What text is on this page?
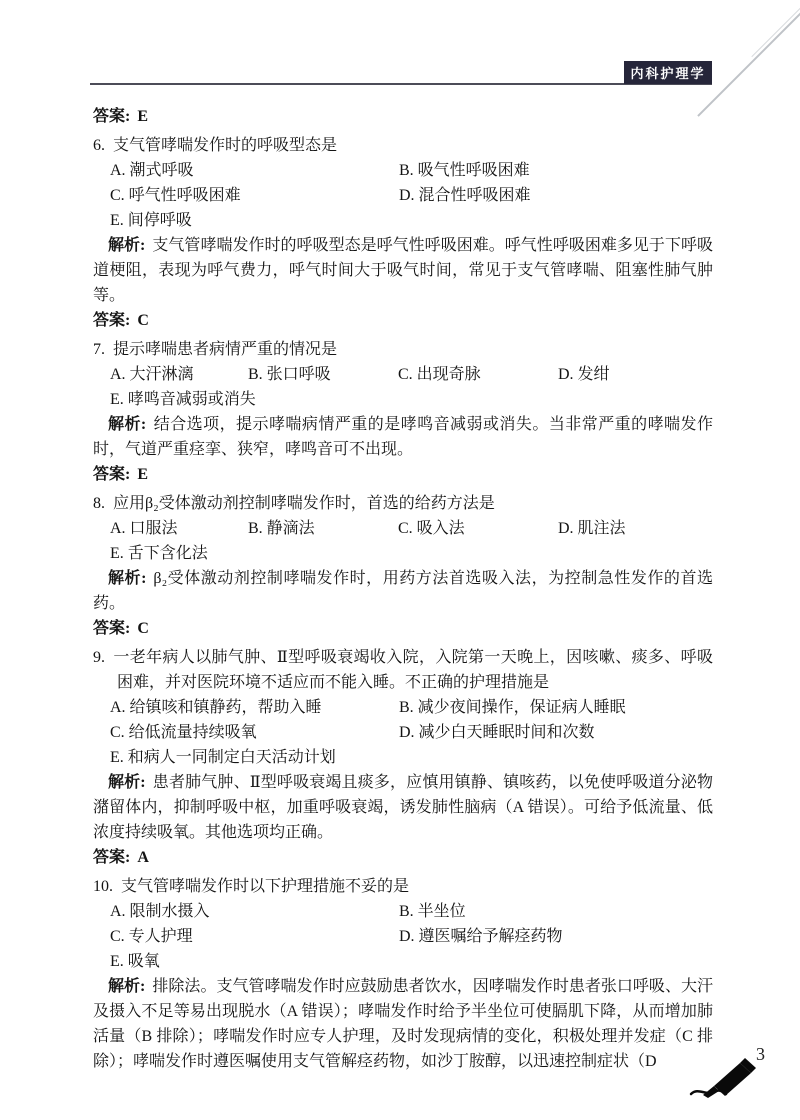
内科护理学
答案: E
6. 支气管哮喘发作时的呼吸型态是
A. 潮式呼吸	B. 吸气性呼吸困难
C. 呼气性呼吸困难	D. 混合性呼吸困难
E. 间停呼吸
解析: 支气管哮喘发作时的呼吸型态是呼气性呼吸困难。呼气性呼吸困难多见于下呼吸道梗阻，表现为呼气费力，呼气时间大于吸气时间，常见于支气管哮喘、阻塞性肺气肿等。
答案: C
7. 提示哮喘患者病情严重的情况是
A. 大汗淋漓	B. 张口呼吸	C. 出现奇脉	D. 发绀
E. 哮鸣音减弱或消失
解析: 结合选项，提示哮喘病情严重的是哮鸣音减弱或消失。当非常严重的哮喘发作时，气道严重痉挛、狭窄，哮鸣音可不出现。
答案: E
8. 应用β₂受体激动剂控制哮喘发作时，首选的给药方法是
A. 口服法	B. 静滴法	C. 吸入法	D. 肌注法
E. 舌下含化法
解析: β₂受体激动剂控制哮喘发作时，用药方法首选吸入法，为控制急性发作的首选药。
答案: C
9. 一老年病人以肺气肿、Ⅱ型呼吸衰竭收入院，入院第一天晚上，因咳嗽、痰多、呼吸困难，并对医院环境不适应而不能入睡。不正确的护理措施是
A. 给镇咳和镇静药，帮助入睡	B. 减少夜间操作，保证病人睡眠
C. 给低流量持续吸氧	D. 减少白天睡眠时间和次数
E. 和病人一同制定白天活动计划
解析: 患者肺气肿、Ⅱ型呼吸衰竭且痰多，应慎用镇静、镇咳药，以免使呼吸道分泌物潴留体内，抑制呼吸中枢，加重呼吸衰竭，诱发肺性脑病（A 错误）。可给予低流量、低浓度持续吸氧。其他选项均正确。
答案: A
10. 支气管哮喘发作时以下护理措施不妥的是
A. 限制水摄入	B. 半坐位
C. 专人护理	D. 遵医嘱给予解痉药物
E. 吸氧
解析: 排除法。支气管哮喘发作时应鼓励患者饮水，因哮喘发作时患者张口呼吸、大汗及摄入不足等易出现脱水（A 错误）；哮喘发作时给予半坐位可使膈肌下降，从而增加肺活量（B 排除）；哮喘发作时应专人护理，及时发现病情的变化，积极处理并发症（C 排除）；哮喘发作时遵医嘱使用支气管解痉药物，如沙丁胺醇，以迅速控制症状（D	3
